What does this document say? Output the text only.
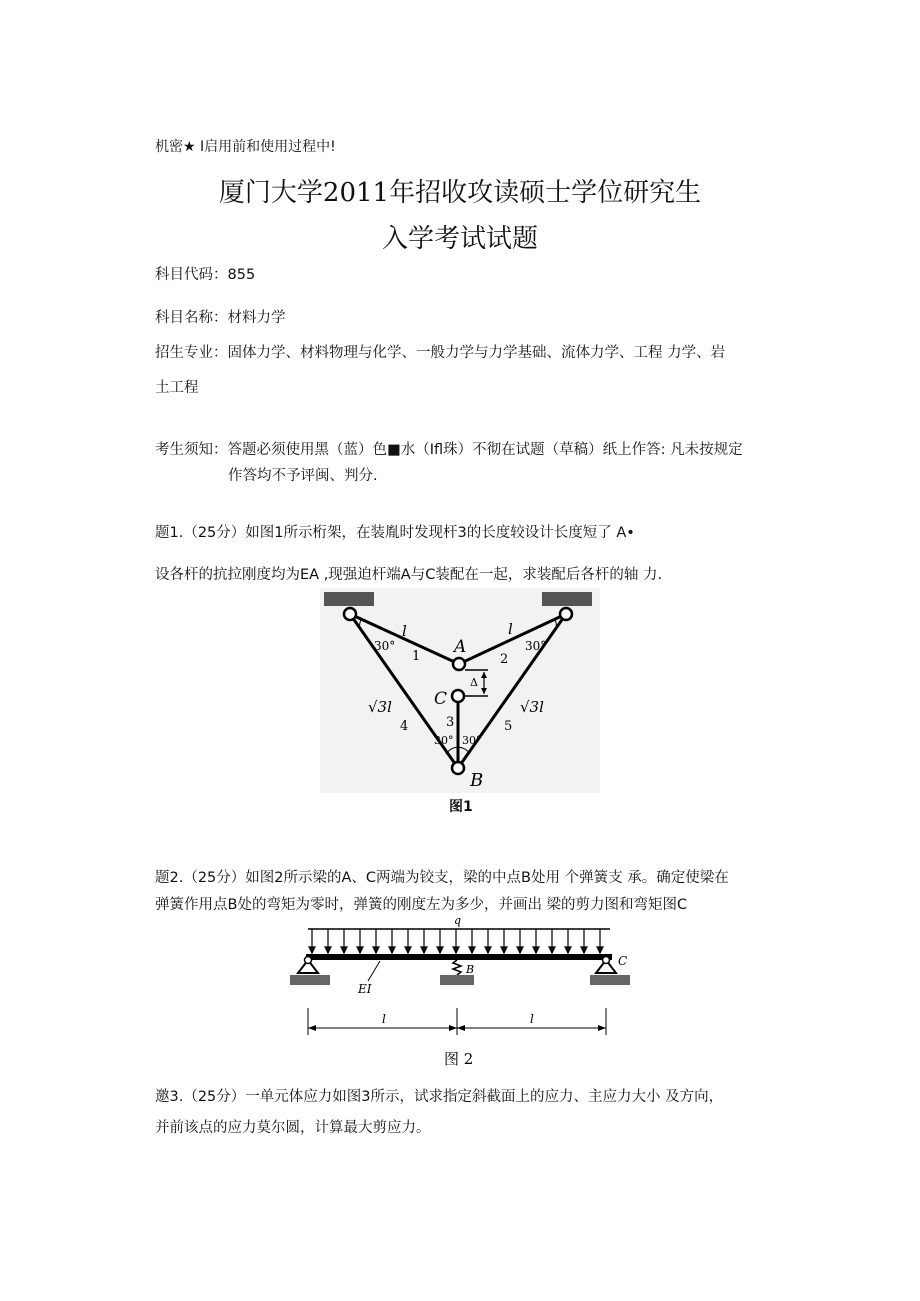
机密★ I启用前和使用过程中!
厦门大学2011年招收攻读硕士学位研究生
入学考试试题
科目代码：855
科目名称：材料力学
招生专业：固体力学、材料物理与化学、一般力学与力学基础、流体力学、工程 力学、岩
土工程
考生须知：答题必须使用黑（蓝）色■水（Ifl珠）不彻在试题（草稿）纸上作答: 凡未按规定
作答均不予评闽、判分.
题1.（25分）如图1所示桁架，在装胤时发现杆3的长度较设计长度短了 A•
设各杆的抗拉刚度均为EA ,现强迫杆端A与C装配在一起，求装配后各杆的轴 力.
l	l
30°	30°
1	2
A
C
Δ
√3l	√3l
4	5
3
30° 30°
B
图1
题2.（25分）如图2所示梁的A、C两端为铰支，梁的中点B处用 个弹簧支 承。确定使梁在
弹簧作用点B处的弯矩为零时，弹簧的刚度左为多少，并画出 梁的剪力图和弯矩图C
q
C
B
EI
l	l
图 2
邀3.（25分）一单元体应力如图3所示，试求指定斜截面上的应力、主应力大小 及方向，
并前该点的应力莫尔圆，计算最大剪应力。
